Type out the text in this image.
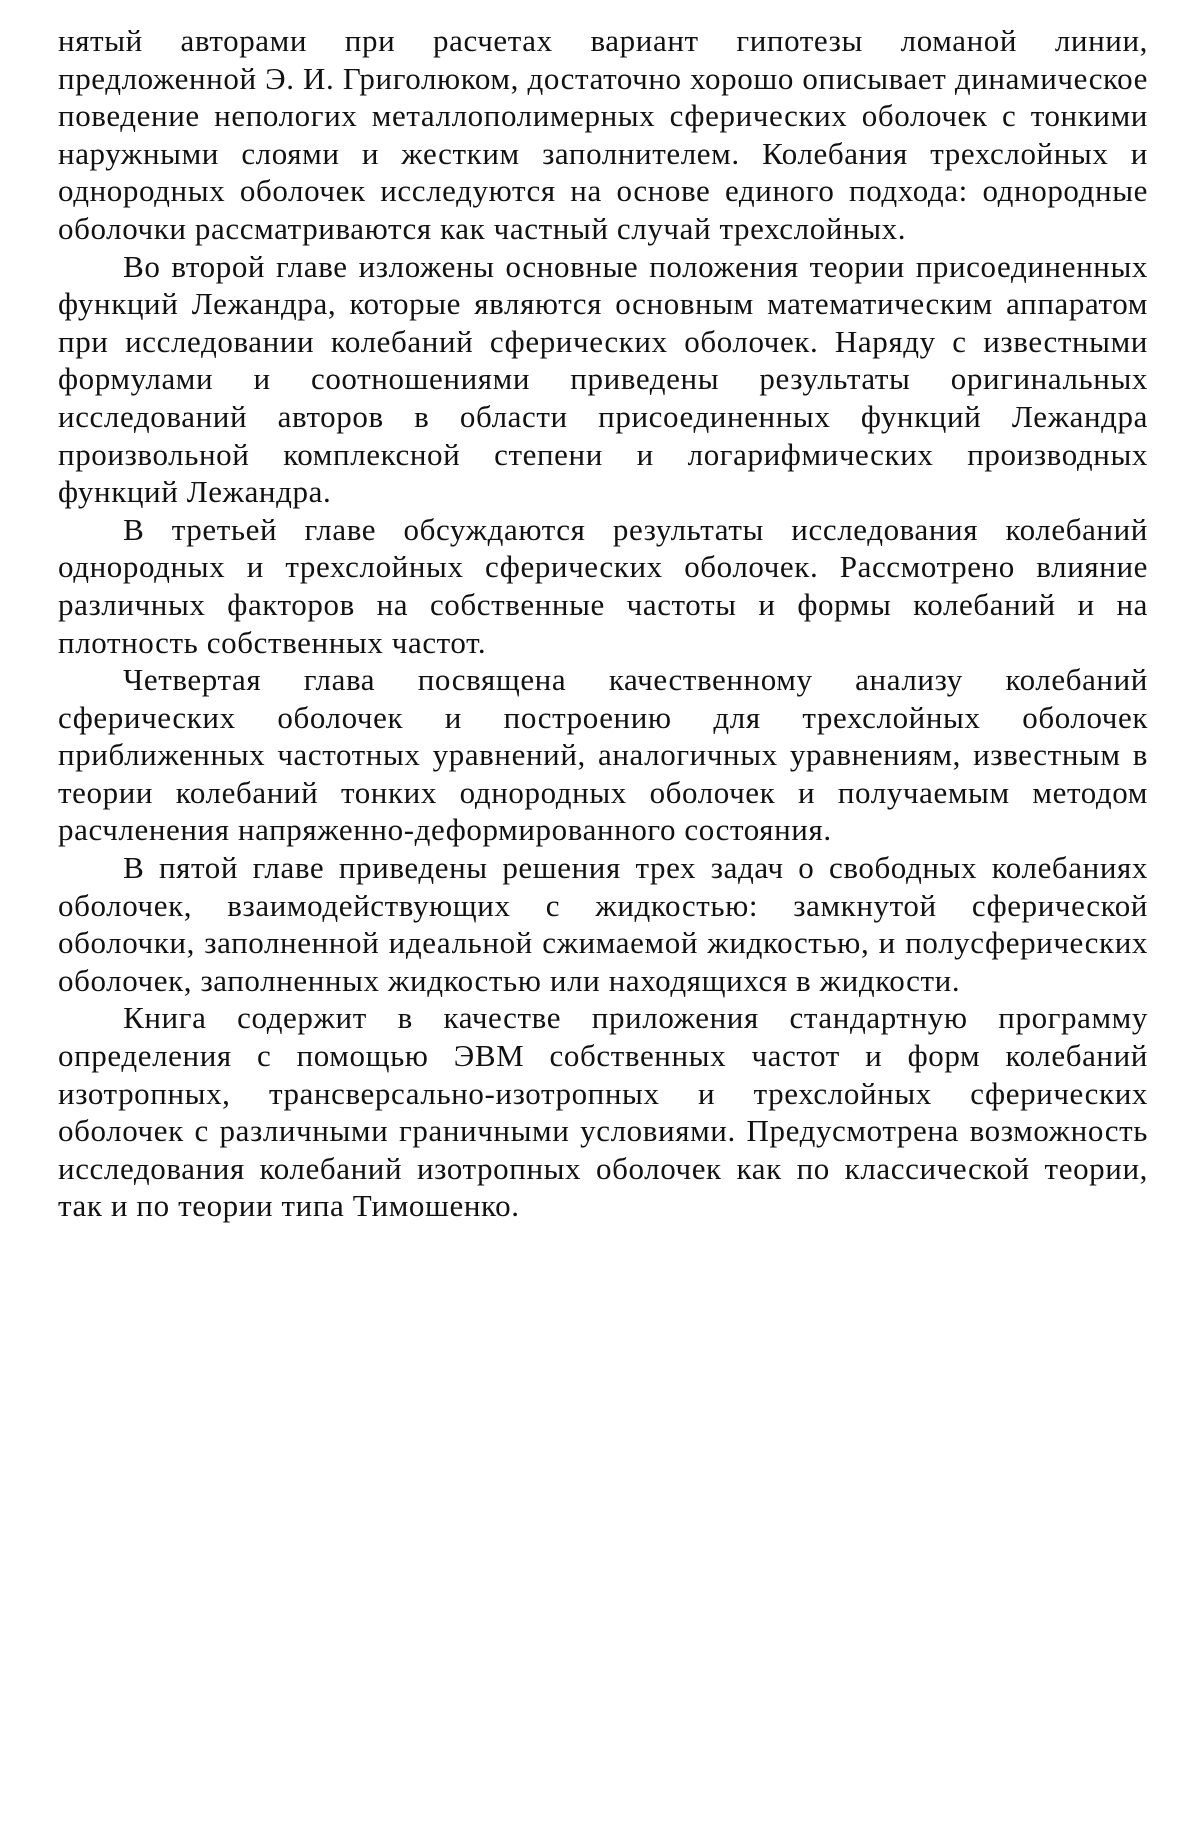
нятый авторами при расчетах вариант гипотезы ломаной линии, предложенной Э. И. Григолюком, достаточно хорошо описывает динамическое поведение непологих металлополимерных сферических оболочек с тонкими наружными слоями и жестким заполнителем. Колебания трехслойных и однородных оболочек исследуются на основе единого подхода: однородные оболочки рассматриваются как частный случай трехслойных.

Во второй главе изложены основные положения теории присоединенных функций Лежандра, которые являются основным математическим аппаратом при исследовании колебаний сферических оболочек. Наряду с известными формулами и соотношениями приведены результаты оригинальных исследований авторов в области присоединенных функций Лежандра произвольной комплексной степени и логарифмических производных функций Лежандра.

В третьей главе обсуждаются результаты исследования колебаний однородных и трехслойных сферических оболочек. Рассмотрено влияние различных факторов на собственные частоты и формы колебаний и на плотность собственных частот.

Четвертая глава посвящена качественному анализу колебаний сферических оболочек и построению для трехслойных оболочек приближенных частотных уравнений, аналогичных уравнениям, известным в теории колебаний тонких однородных оболочек и получаемым методом расчленения напряженно-деформированного состояния.

В пятой главе приведены решения трех задач о свободных колебаниях оболочек, взаимодействующих с жидкостью: замкнутой сферической оболочки, заполненной идеальной сжимаемой жидкостью, и полусферических оболочек, заполненных жидкостью или находящихся в жидкости.

Книга содержит в качестве приложения стандартную программу определения с помощью ЭВМ собственных частот и форм колебаний изотропных, трансверсально-изотропных и трехслойных сферических оболочек с различными граничными условиями. Предусмотрена возможность исследования колебаний изотропных оболочек как по классической теории, так и по теории типа Тимошенко.
